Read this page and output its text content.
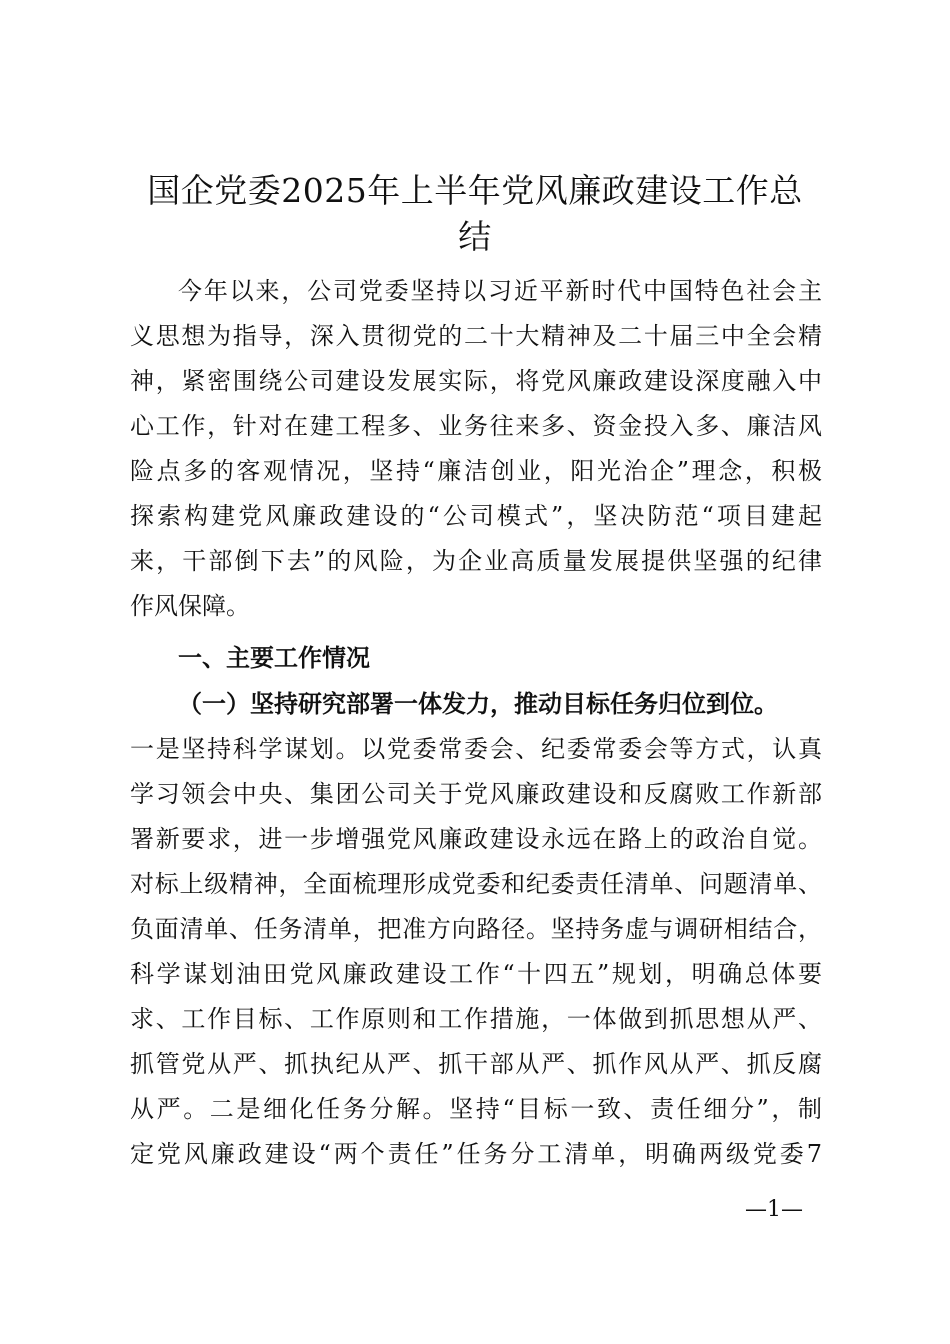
国企党委2025年上半年党风廉政建设工作总
结
今年以来，公司党委坚持以习近平新时代中国特色社会主
义思想为指导，深入贯彻党的二十大精神及二十届三中全会精
神，紧密围绕公司建设发展实际，将党风廉政建设深度融入中
心工作，针对在建工程多、业务往来多、资金投入多、廉洁风
险点多的客观情况，坚持“廉洁创业，阳光治企”理念，积极
探索构建党风廉政建设的“公司模式”，坚决防范“项目建起
来，干部倒下去”的风险，为企业高质量发展提供坚强的纪律
作风保障。
一、主要工作情况
（一）坚持研究部署一体发力，推动目标任务归位到位。
一是坚持科学谋划。以党委常委会、纪委常委会等方式，认真
学习领会中央、集团公司关于党风廉政建设和反腐败工作新部
署新要求，进一步增强党风廉政建设永远在路上的政治自觉。
对标上级精神，全面梳理形成党委和纪委责任清单、问题清单、
负面清单、任务清单，把准方向路径。坚持务虚与调研相结合，
科学谋划油田党风廉政建设工作“十四五”规划，明确总体要
求、工作目标、工作原则和工作措施，一体做到抓思想从严、
抓管党从严、抓执纪从严、抓干部从严、抓作风从严、抓反腐
从严。二是细化任务分解。坚持“目标一致、责任细分”，制
定党风廉政建设“两个责任”任务分工清单，明确两级党委7
—1—
